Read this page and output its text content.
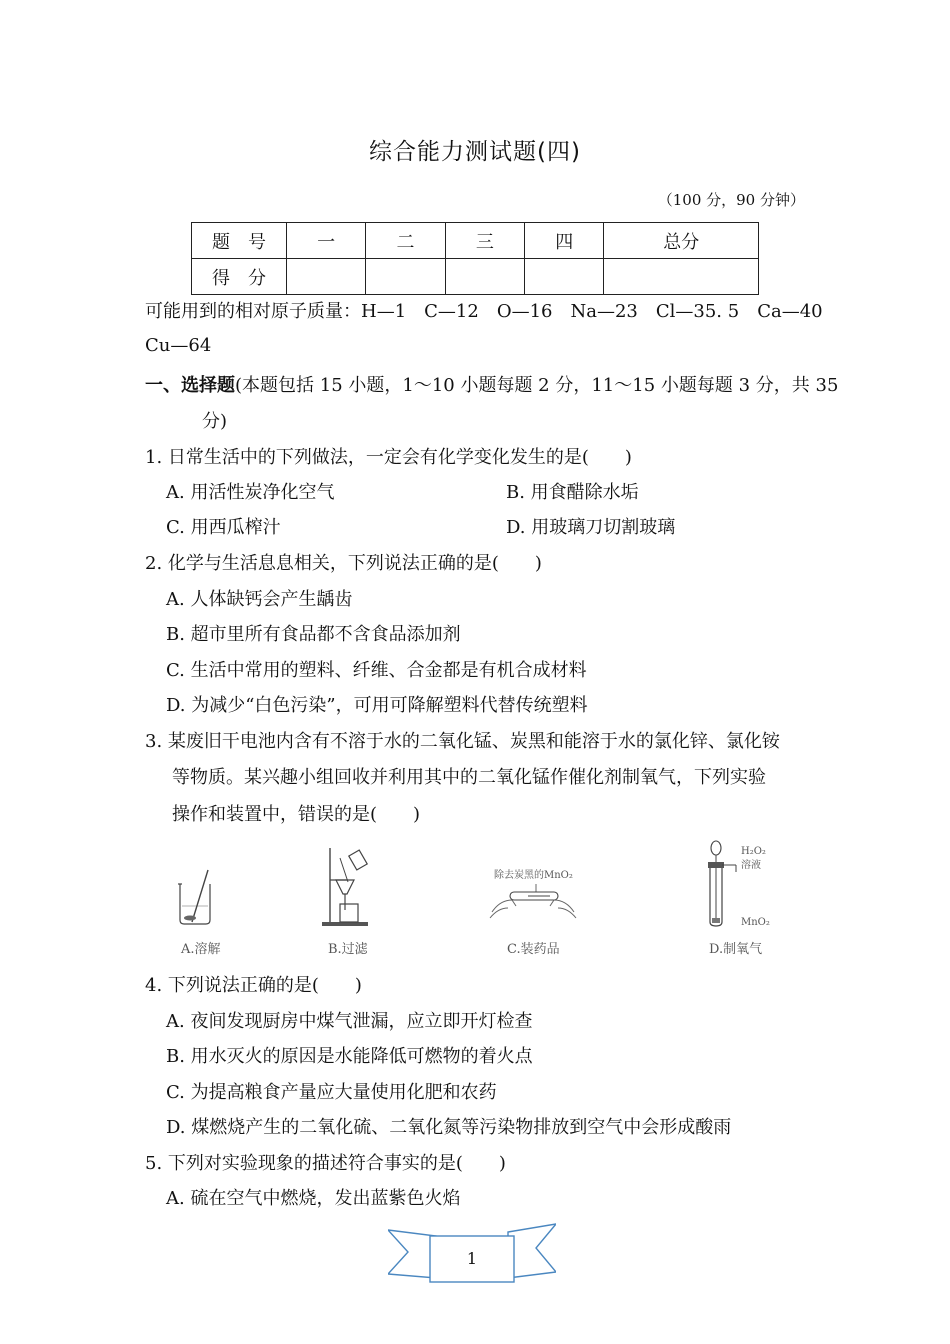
综合能力测试题(四)
（100 分，90 分钟）
题　号	一	二	三	四	总分
得　分					
可能用到的相对原子质量：H—1　C—12　O—16　Na—23　Cl—35. 5　Ca—40
Cu—64
一、选择题(本题包括 15 小题，1～10 小题每题 2 分，11～15 小题每题 3 分，共 35
分)
1. 日常生活中的下列做法，一定会有化学变化发生的是(　　)
A. 用活性炭净化空气	B. 用食醋除水垢
C. 用西瓜榨汁	D. 用玻璃刀切割玻璃
2. 化学与生活息息相关，下列说法正确的是(　　)
A. 人体缺钙会产生龋齿
B. 超市里所有食品都不含食品添加剂
C. 生活中常用的塑料、纤维、合金都是有机合成材料
D. 为减少“白色污染”，可用可降解塑料代替传统塑料
3. 某废旧干电池内含有不溶于水的二氧化锰、炭黑和能溶于水的氯化锌、氯化铵
等物质。某兴趣小组回收并利用其中的二氧化锰作催化剂制氧气，下列实验
操作和装置中，错误的是(　　)
A.溶解	B.过滤
除去炭黑的MnO₂
C.装药品
H₂O₂
溶液
MnO₂
D.制氧气
4. 下列说法正确的是(　　)
A. 夜间发现厨房中煤气泄漏，应立即开灯检查
B. 用水灭火的原因是水能降低可燃物的着火点
C. 为提高粮食产量应大量使用化肥和农药
D. 煤燃烧产生的二氧化硫、二氧化氮等污染物排放到空气中会形成酸雨
5. 下列对实验现象的描述符合事实的是(　　)
A. 硫在空气中燃烧，发出蓝紫色火焰
1
